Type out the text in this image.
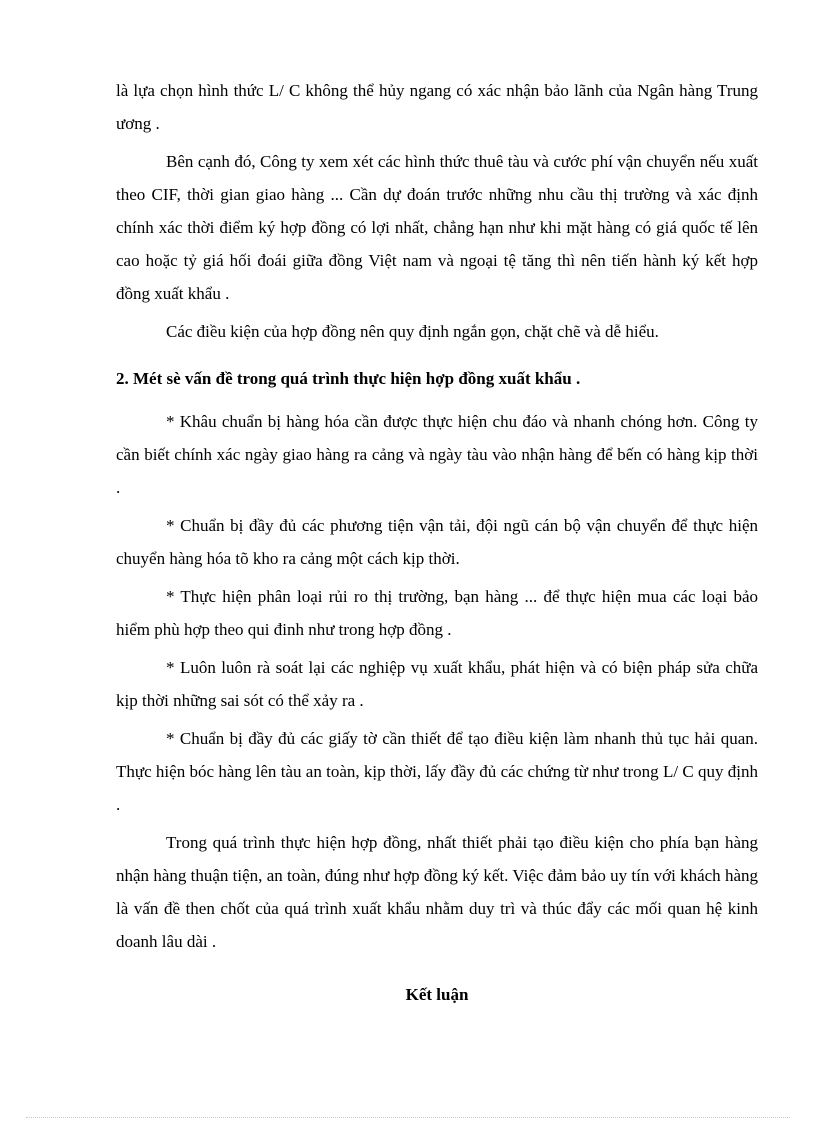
là lựa chọn hình thức L/ C không thể hủy ngang có xác nhận bảo lãnh của Ngân hàng Trung ương .

Bên cạnh đó, Công ty xem xét các hình thức thuê tàu và cước phí vận chuyển nếu xuất theo CIF, thời gian giao hàng ... Cần dự đoán trước những nhu cầu thị trường và xác định chính xác thời điểm ký hợp đồng có lợi nhất, chẳng hạn như khi mặt hàng có giá quốc tế lên cao hoặc tỷ giá hối đoái giữa đồng Việt nam và ngoại tệ tăng thì nên tiến hành ký kết hợp đồng xuất khẩu .

Các điều kiện của hợp đồng nên quy định ngắn gọn, chặt chẽ và dễ hiểu.

2. Mét sè vấn đề trong quá trình thực hiện hợp đồng xuất khẩu .

* Khâu chuẩn bị hàng hóa cần được thực hiện chu đáo và nhanh chóng hơn. Công ty cần biết chính xác ngày giao hàng ra cảng và ngày tàu vào nhận hàng để bến có hàng kịp thời .

* Chuẩn bị đầy đủ các phương tiện vận tải, đội ngũ cán bộ vận chuyển để thực hiện chuyển hàng hóa tõ kho ra cảng một cách kịp thời.

* Thực hiện phân loại rủi ro thị trường, bạn hàng ... để thực hiện mua các loại bảo hiểm phù hợp theo qui đinh như trong hợp đồng .

* Luôn luôn rà soát lại các nghiệp vụ xuất khẩu, phát hiện và có biện pháp sửa chữa kịp thời những sai sót có thể xảy ra .

* Chuẩn bị đầy đủ các giấy tờ cần thiết để tạo điều kiện làm nhanh thủ tục hải quan. Thực hiện bóc hàng lên tàu an toàn, kịp thời, lấy đầy đủ các chứng từ như trong L/ C quy định .

Trong quá trình thực hiện hợp đồng, nhất thiết phải tạo điều kiện cho phía bạn hàng nhận hàng thuận tiện, an toàn, đúng như hợp đồng ký kết. Việc đảm bảo uy tín với khách hàng là vấn đề then chốt của quá trình xuất khẩu nhằm duy trì và thúc đẩy các mối quan hệ kinh doanh lâu dài .

Kết luận
